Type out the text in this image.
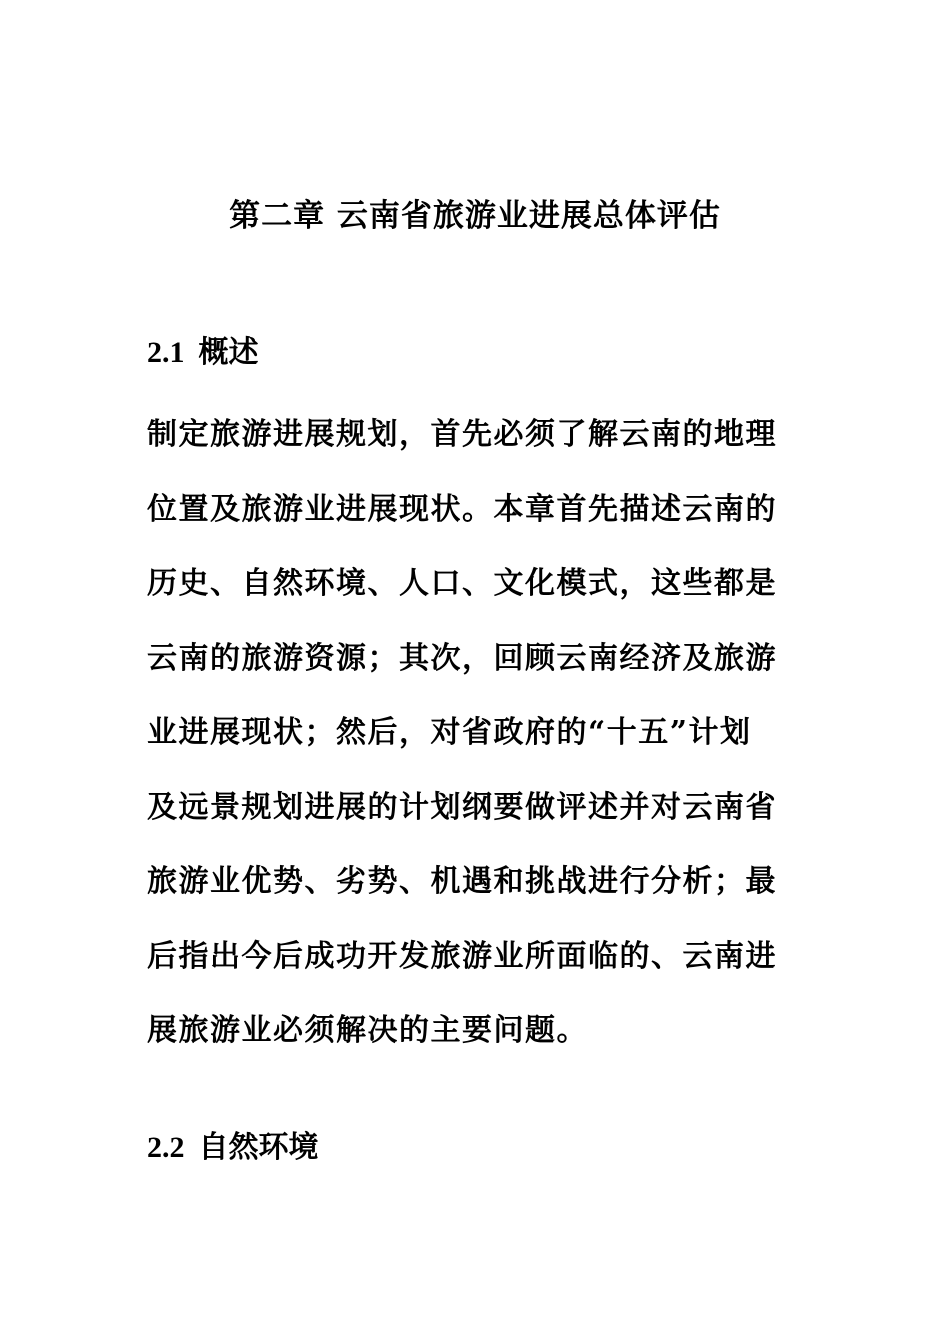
第二章 云南省旅游业进展总体评估
2.1 概述
制定旅游进展规划，首先必须了解云南的地理
位置及旅游业进展现状。本章首先描述云南的
历史、自然环境、人口、文化模式，这些都是
云南的旅游资源；其次，回顾云南经济及旅游
业进展现状；然后，对省政府的“十五”计划
及远景规划进展的计划纲要做评述并对云南省
旅游业优势、劣势、机遇和挑战进行分析；最
后指出今后成功开发旅游业所面临的、云南进
展旅游业必须解决的主要问题。
2.2 自然环境
